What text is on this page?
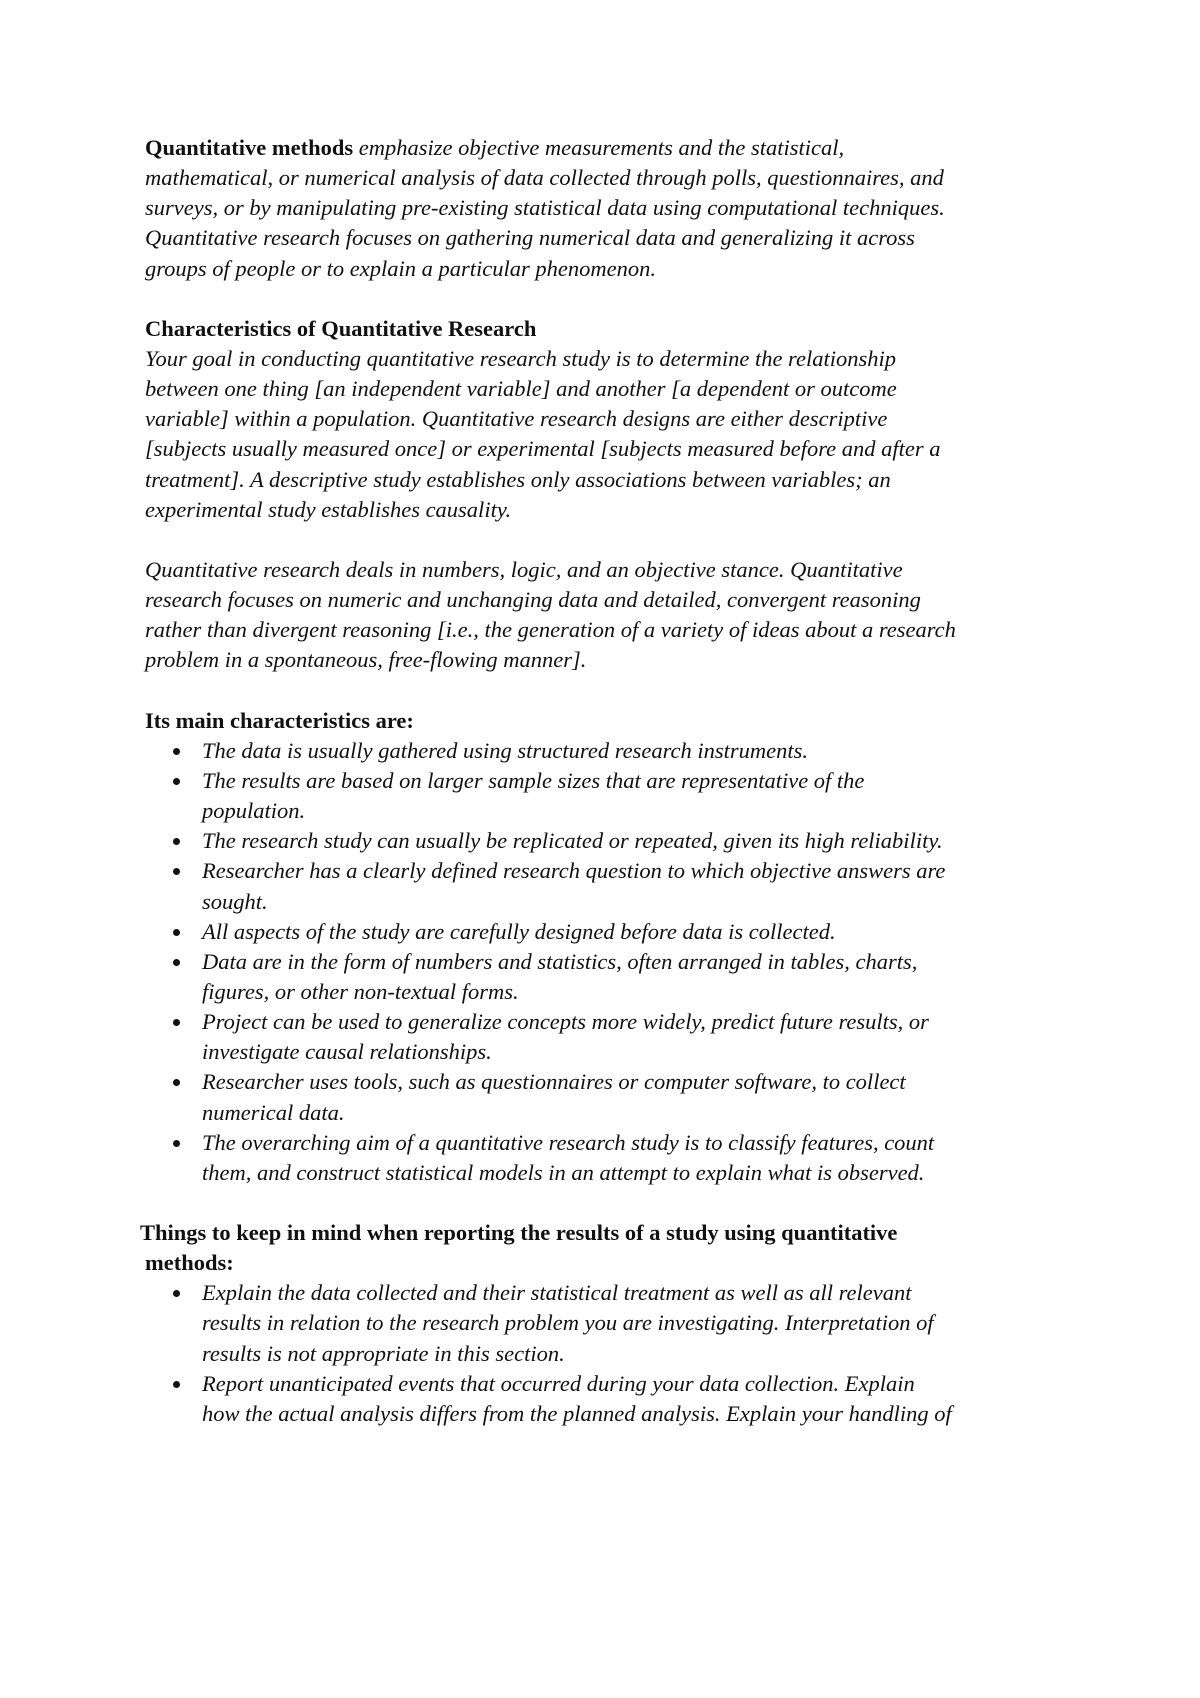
Quantitative methods emphasize objective measurements and the statistical,
mathematical, or numerical analysis of data collected through polls, questionnaires, and
surveys, or by manipulating pre-existing statistical data using computational techniques.
Quantitative research focuses on gathering numerical data and generalizing it across
groups of people or to explain a particular phenomenon.
Characteristics of Quantitative Research
Your goal in conducting quantitative research study is to determine the relationship
between one thing [an independent variable] and another [a dependent or outcome
variable] within a population. Quantitative research designs are either descriptive
[subjects usually measured once] or experimental [subjects measured before and after a
treatment]. A descriptive study establishes only associations between variables; an
experimental study establishes causality.
Quantitative research deals in numbers, logic, and an objective stance. Quantitative
research focuses on numeric and unchanging data and detailed, convergent reasoning
rather than divergent reasoning [i.e., the generation of a variety of ideas about a research
problem in a spontaneous, free-flowing manner].
Its main characteristics are:
The data is usually gathered using structured research instruments.
The results are based on larger sample sizes that are representative of the
population.
The research study can usually be replicated or repeated, given its high reliability.
Researcher has a clearly defined research question to which objective answers are
sought.
All aspects of the study are carefully designed before data is collected.
Data are in the form of numbers and statistics, often arranged in tables, charts,
figures, or other non-textual forms.
Project can be used to generalize concepts more widely, predict future results, or
investigate causal relationships.
Researcher uses tools, such as questionnaires or computer software, to collect
numerical data.
The overarching aim of a quantitative research study is to classify features, count
them, and construct statistical models in an attempt to explain what is observed.
Things to keep in mind when reporting the results of a study using quantitative
methods:
Explain the data collected and their statistical treatment as well as all relevant
results in relation to the research problem you are investigating. Interpretation of
results is not appropriate in this section.
Report unanticipated events that occurred during your data collection. Explain
how the actual analysis differs from the planned analysis. Explain your handling of
